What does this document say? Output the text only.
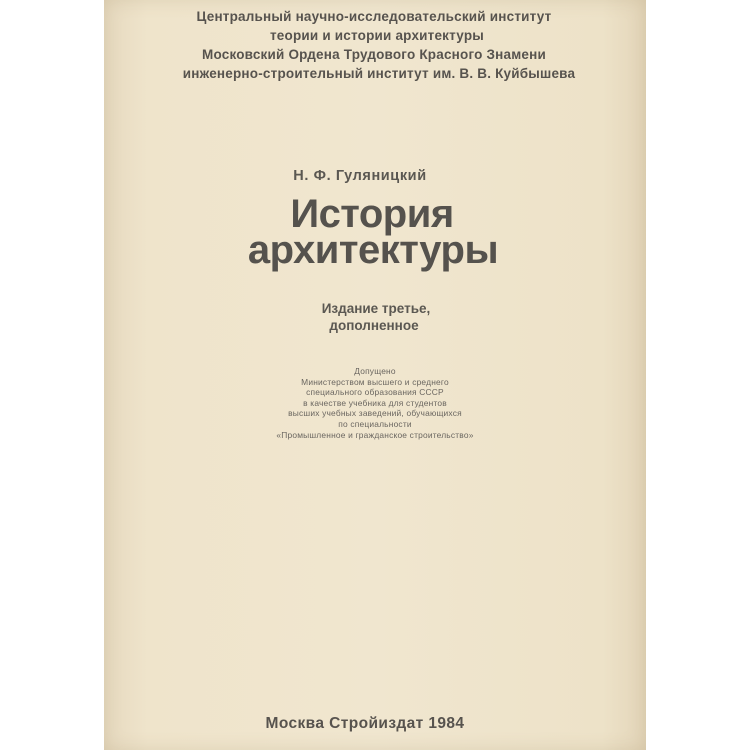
Центральный научно-исследовательский институт
теории и истории архитектуры
Московский Ордена Трудового Красного Знамени
инженерно-строительный институт им. В. В. Куйбышева
Н. Ф. Гуляницкий
История
архитектуры
Издание третье,
дополненное
Допущено
Министерством высшего и среднего
специального образования СССР
в качестве учебника для студентов
высших учебных заведений, обучающихся
по специальности
«Промышленное и гражданское строительство»
Москва Стройиздат 1984
